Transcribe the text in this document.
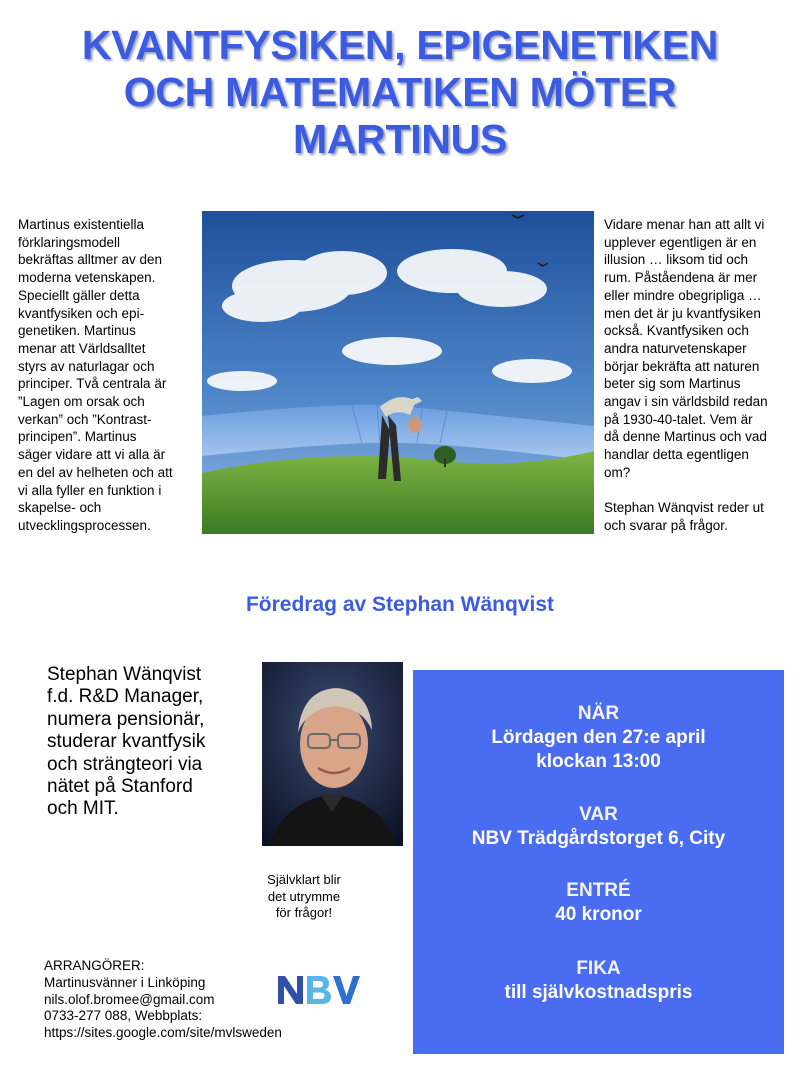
KVANTFYSIKEN, EPIGENETIKEN
OCH MATEMATIKEN MÖTER
MARTINUS

Martinus existentiella
förklaringsmodell
bekräftas alltmer av den
moderna vetenskapen.
Speciellt gäller detta
kvantfysiken och epi-
genetiken. Martinus
menar att Världsalltet
styrs av naturlagar och
principer. Två centrala är
”Lagen om orsak och
verkan” och ”Kontrast-
principen”. Martinus
säger vidare att vi alla är
en del av helheten och att
vi alla fyller en funktion i
skapelse- och
utvecklingsprocessen.

Vidare menar han att allt vi
upplever egentligen är en
illusion … liksom tid och
rum. Påståendena är mer
eller mindre obegripliga …
men det är ju kvantfysiken
också. Kvantfysiken och
andra naturvetenskaper
börjar bekräfta att naturen
beter sig som Martinus
angav i sin världsbild redan
på 1930-40-talet. Vem är
då denne Martinus och vad
handlar detta egentligen
om?

Stephan Wänqvist reder ut
och svarar på frågor.

Föredrag av Stephan Wänqvist
Stephan Wänqvist
f.d. R&D Manager,
numera pensionär,
studerar kvantfysik
och strängteori via
nätet på Stanford
och MIT.
Självklart blir
det utrymme
för frågor!
ARRANGÖRER:
Martinusvänner i Linköping
nils.olof.bromee@gmail.com
0733-277 088, Webbplats:
https://sites.google.com/site/mvlsweden
NÄR
Lördagen den 27:e april
klockan 13:00
VAR
NBV Trädgårdstorget 6, City
ENTRÉ
40 kronor
FIKA
till självkostnadspris
